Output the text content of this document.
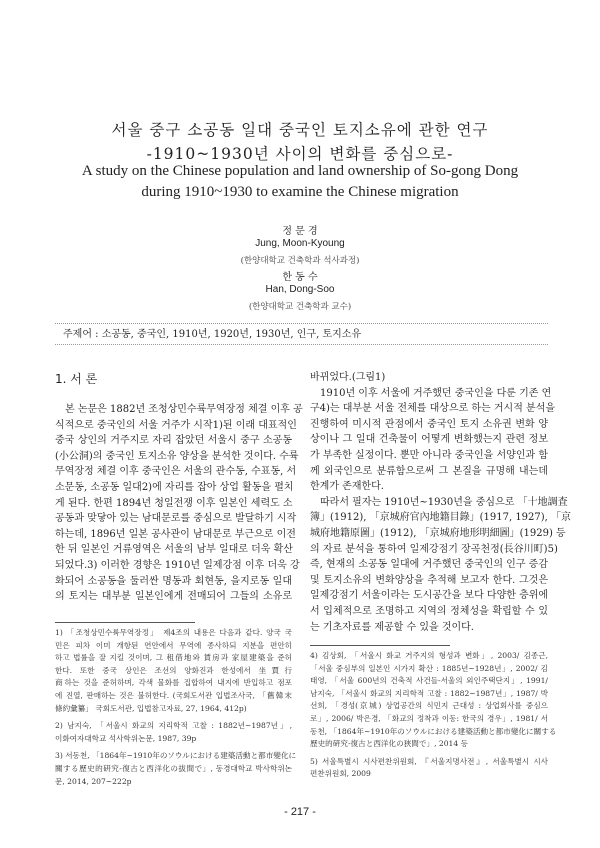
서울 중구 소공동 일대 중국인 토지소유에 관한 연구
-1910~1930년 사이의 변화를 중심으로-
A study on the Chinese population and land ownership of So-gong Dong
during 1910~1930 to examine the Chinese migration
정 문 경
Jung, Moon-Kyoung
(한양대학교 건축학과 석사과정)
한 동 수
Han, Dong-Soo
(한양대학교 건축학과 교수)
주제어 : 소공동, 중국인, 1910년, 1920년, 1930년, 인구, 토지소유
1. 서 론
본 논문은 1882년 조청상민수륙무역장정 체결 이후 공
식적으로 중국인의 서울 거주가 시작1)된 이래 대표적인
중국 상인의 거주지로 자리 잡았던 서울시 중구 소공동
(小公洞)의 중국인 토지소유 양상을 분석한 것이다. 수륙
무역장정 체결 이후 중국인은 서울의 관수동, 수표동, 서
소문동, 소공동 일대2)에 자리를 잡아 상업 활동을 펼치
게 된다. 한편 1894년 청일전쟁 이후 일본인 세력도 소
공동과 맞닿아 있는 남대문로를 중심으로 발달하기 시작
하는데, 1896년 일본 공사관이 남대문로 부근으로 이전
한 뒤 일본인 거류영역은 서울의 남부 일대로 더욱 확산
되었다.3) 이러한 경향은 1910년 일제강점 이후 더욱 강
화되어 소공동을 둘러싼 명동과 회현동, 을지로동 일대
의 토지는 대부분 일본인에게 전매되어 그들의 소유로
바뀌었다.(그림1)
1910년 이후 서울에 거주했던 중국인을 다룬 기존 연
구4)는 대부분 서울 전체를 대상으로 하는 거시적 분석을
진행하여 미시적 관점에서 중국인 토지 소유권 변화 양
상이나 그 일대 건축물이 어떻게 변화했는지 관련 정보
가 부족한 실정이다. 뿐만 아니라 중국인을 서양인과 함
께 외국인으로 분류함으로써 그 본질을 규명해 내는데
한계가 존재한다.
따라서 필자는 1910년~1930년을 중심으로 「十地調査
簿」(1912), 「京城府官內地籍目錄」(1917, 1927), 「京
城府地籍原圖」(1912), 「京城府地形明細圖」(1929) 등
의 자료 분석을 통하여 일제강점기 장곡천정(長谷川町)5)
즉, 현재의 소공동 일대에 거주했던 중국인의 인구 증감
및 토지소유의 변화양상을 추적해 보고자 한다. 그것은
일제강점기 서울이라는 도시공간을 보다 다양한 층위에
서 입체적으로 조명하고 지역의 정체성을 확립할 수 있
는 기초자료를 제공할 수 있을 것이다.
1) 「조청상민수륙무역장정」 제4조의 내용은 다음과 같다. 양국 국
민은 피차 이미 개항된 연안에서 무역에 종사하되 지분을 편안히
하고 법률을 잘 지킬 것이며, 그 租借地와 賃房과 家屋建築을 준허
한다. 또한 중국 상인은 조선의 양화진과 한성에서 坐賈行
商하는 것을 준허하며, 각색 물화를 집합하여 내지에 반입하고 점포
에 진열, 판매하는 것은 불허한다. (국회도서관 입법조사국, 「舊韓末
條約彙纂」 국회도서관, 입법참고자료, 27, 1964, 412p)
2) 남지숙, 「서울시 화교의 지리학적 고찰 : 1882년~1987년」,
이화여자대학교 석사학위논문, 1987, 39p
3) 서동천, 「1864年~1910年のソウルにおける建築活動と都市變化に
關する歷史的硏究-復古と西洋化の拔間で」, 동경대학교 박사학위논
문, 2014, 207~222p
4) 김상회, 「서울시 화교 거주지의 형성과 변화」, 2003/ 김종근,
「서울 중심부의 일본인 시가지 확산 : 1885년~1928년」, 2002/ 김
태영, 「서울 600년의 건축적 사건들-서울의 외인주택단지」, 1991/
남지숙, 「서울시 화교의 지리학적 고찰 : 1882~1987년」, 1987/ 박
선희, 「경성(京城) 상업공간의 식민지 근대성 : 상업회사를 중심으
로」, 2006/ 박은경, 「화교의 정착과 이동: 한국의 경우」, 1981/ 서
동천, 「1864年~1910年のソウルにおける建築活動と都市變化に關する
歷史的硏究-復古と西洋化の狹間で」, 2014 등
5) 서울특별시 시사편찬위원회, 『서울지명사전』, 서울특별시 시사
편찬위원회, 2009
- 217 -
